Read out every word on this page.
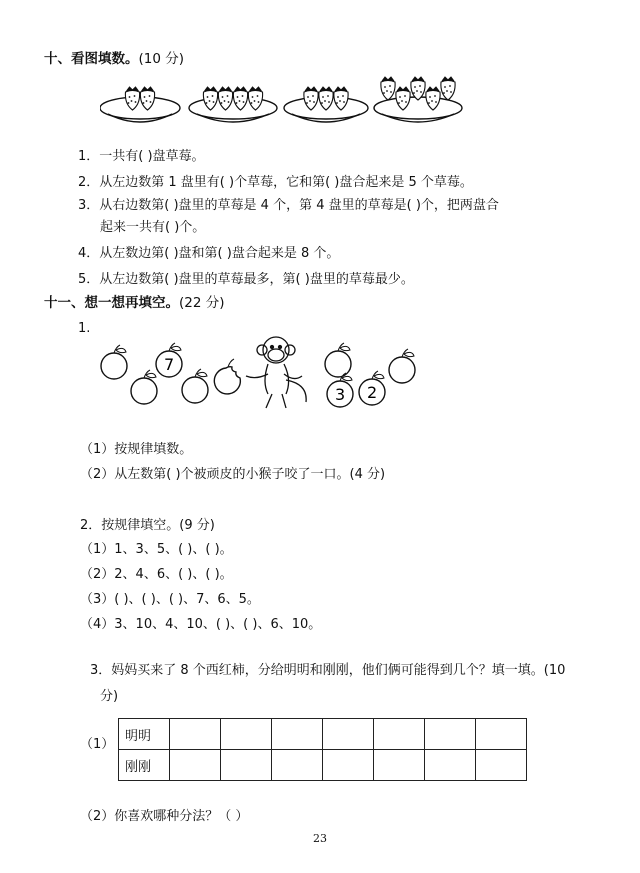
十、看图填数。(10 分)
1．一共有( )盘草莓。
2．从左边数第 1 盘里有( )个草莓，它和第( )盘合起来是 5 个草莓。
3．从右边数第( )盘里的草莓是 4 个，第 4 盘里的草莓是( )个，把两盘合
起来一共有( )个。
4．从左数边第( )盘和第( )盘合起来是 8 个。
5．从左边数第( )盘里的草莓最多，第( )盘里的草莓最少。
十一、想一想再填空。(22 分)
1.
7
3 2
（1）按规律填数。
（2）从左数第( )个被顽皮的小猴子咬了一口。(4 分)
2．按规律填空。(9 分)
（1）1、3、5、( )、( )。
（2）2、4、6、( )、( )。
（3）( )、( )、( )、7、6、5。
（4）3、10、4、10、( )、( )、6、10。
3．妈妈买来了 8 个西红柿，分给明明和刚刚，他们俩可能得到几个？填一填。(10
分)
（1）
明明							
刚刚							
（2）你喜欢哪种分法？（ ）
23
